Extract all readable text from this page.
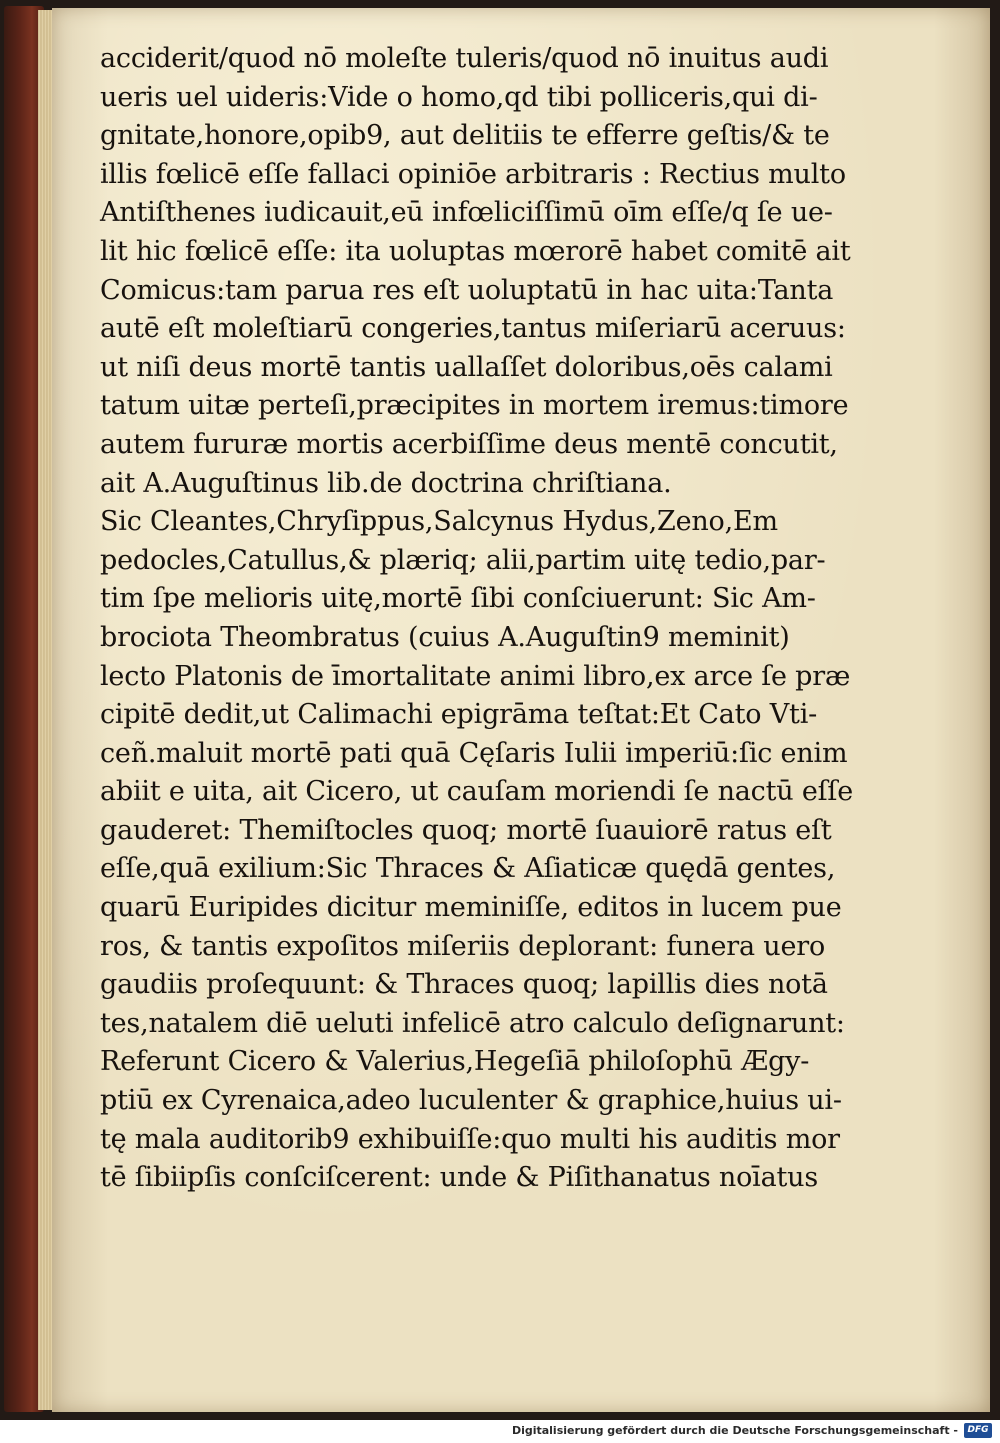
acciderit/quod nō moleſte tuleris/quod nō inuitus audi
ueris uel uideris:Vide o homo,qd tibi polliceris,qui di-
gnitate,honore,opib9, aut delitiis te efferre geſtis/& te
illis fœlicē eſſe fallaci opiniōe arbitraris : Rectius multo
Antiſthenes iudicauit,eū infœliciſſimū oīm eſſe/q ſe ue-
lit hic fœlicē eſſe: ita uoluptas mœrorē habet comitē ait
Comicus:tam parua res eſt uoluptatū in hac uita:Tanta
autē eſt moleſtiarū congeries,tantus miſeriarū aceruus:
ut niſi deus mortē tantis uallaſſet doloribus,oēs calami
tatum uitæ perteſi,præcipites in mortem iremus:timore
autem fururæ mortis acerbiſſime deus mentē concutit,
ait A.Auguſtinus lib.de doctrina chriſtiana.
Sic Cleantes,Chryſippus,Salcynus Hydus,Zeno,Em
pedocles,Catullus,& plæriq; alii,partim uitę tedio,par-
tim ſpe melioris uitę,mortē ſibi conſciuerunt: Sic Am-
brociota Theombratus (cuius A.Auguſtin9 meminit)
lecto Platonis de īmortalitate animi libro,ex arce ſe præ
cipitē dedit,ut Calimachi epigrāma teſtat:Et Cato Vti-
ceñ.maluit mortē pati quā Cęſaris Iulii imperiū:ſic enim
abiit e uita, ait Cicero, ut cauſam moriendi ſe nactū eſſe
gauderet: Themiſtocles quoq; mortē ſuauiorē ratus eſt
eſſe,quā exilium:Sic Thraces & Aſiaticæ quędā gentes,
quarū Euripides dicitur meminiſſe, editos in lucem pue
ros, & tantis expoſitos miſeriis deplorant: funera uero
gaudiis proſequunt: & Thraces quoq; lapillis dies notā
tes,natalem diē ueluti infelicē atro calculo deſignarunt:
Referunt Cicero & Valerius,Hegeſiā philoſophū Ægy-
ptiū ex Cyrenaica,adeo luculenter & graphice,huius ui-
tę mala auditorib9 exhibuiſſe:quo multi his auditis mor
tē ſibiipſis conſciſcerent: unde & Piſithanatus noīatus
Digitalisierung gefördert durch die Deutsche Forschungsgemeinschaft -	DFG
